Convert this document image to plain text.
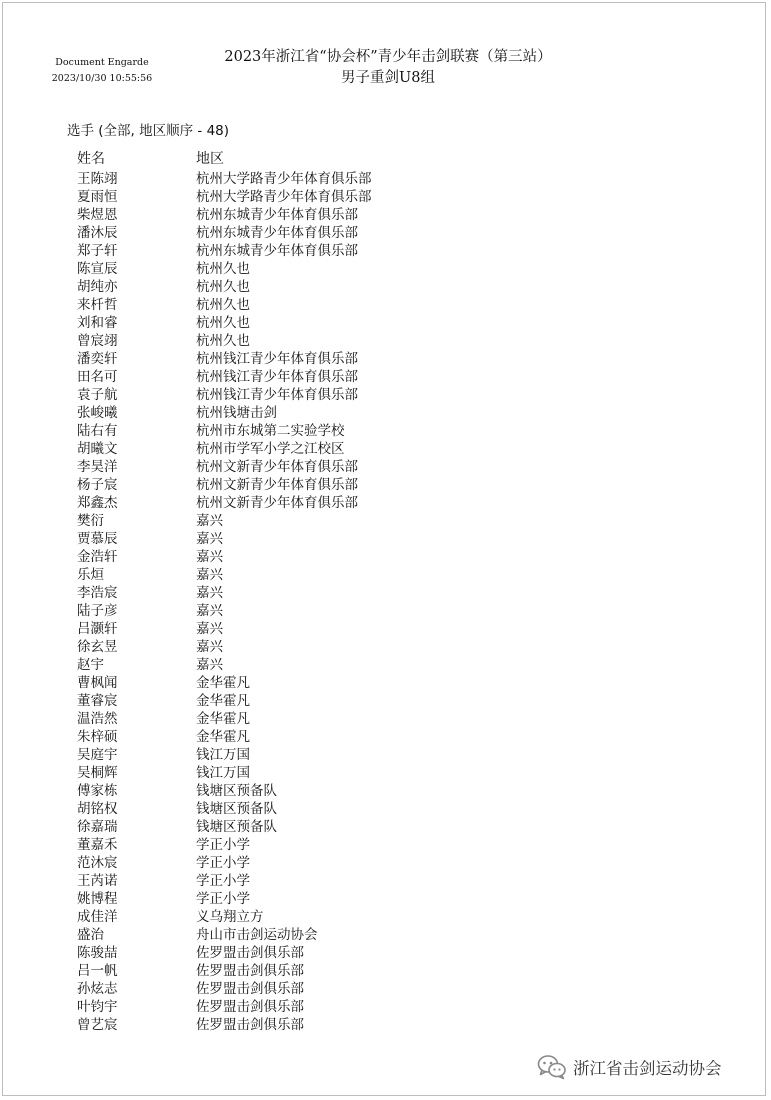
Document Engarde
2023/10/30 10:55:56
2023年浙江省“协会杯”青少年击剑联赛（第三站）
男子重剑U8组
选手 (全部, 地区顺序 - 48)
姓名	地区
王陈翊	杭州大学路青少年体育俱乐部
夏雨恒	杭州大学路青少年体育俱乐部
柴煜恩	杭州东城青少年体育俱乐部
潘沐辰	杭州东城青少年体育俱乐部
郑子轩	杭州东城青少年体育俱乐部
陈宣辰	杭州久也
胡纯亦	杭州久也
来杄哲	杭州久也
刘和睿	杭州久也
曾宸翊	杭州久也
潘奕轩	杭州钱江青少年体育俱乐部
田名可	杭州钱江青少年体育俱乐部
袁子航	杭州钱江青少年体育俱乐部
张峻曦	杭州钱塘击剑
陆右有	杭州市东城第二实验学校
胡曦文	杭州市学军小学之江校区
李昊洋	杭州文新青少年体育俱乐部
杨子宸	杭州文新青少年体育俱乐部
郑鑫杰	杭州文新青少年体育俱乐部
樊衍	嘉兴
贾慕辰	嘉兴
金浩轩	嘉兴
乐烜	嘉兴
李浩宸	嘉兴
陆子彦	嘉兴
吕灏轩	嘉兴
徐玄昱	嘉兴
赵宇	嘉兴
曹枫闻	金华霍凡
董睿宸	金华霍凡
温浩然	金华霍凡
朱梓硕	金华霍凡
吴庭宇	钱江万国
吴桐辉	钱江万国
傅家栋	钱塘区预备队
胡铭权	钱塘区预备队
徐嘉瑞	钱塘区预备队
董嘉禾	学正小学
范沐宸	学正小学
王芮诺	学正小学
姚博程	学正小学
成佳洋	义乌翔立方
盛治	舟山市击剑运动协会
陈骏喆	佐罗盟击剑俱乐部
吕一帆	佐罗盟击剑俱乐部
孙炫志	佐罗盟击剑俱乐部
叶钧宇	佐罗盟击剑俱乐部
曾艺宸	佐罗盟击剑俱乐部
浙江省击剑运动协会
